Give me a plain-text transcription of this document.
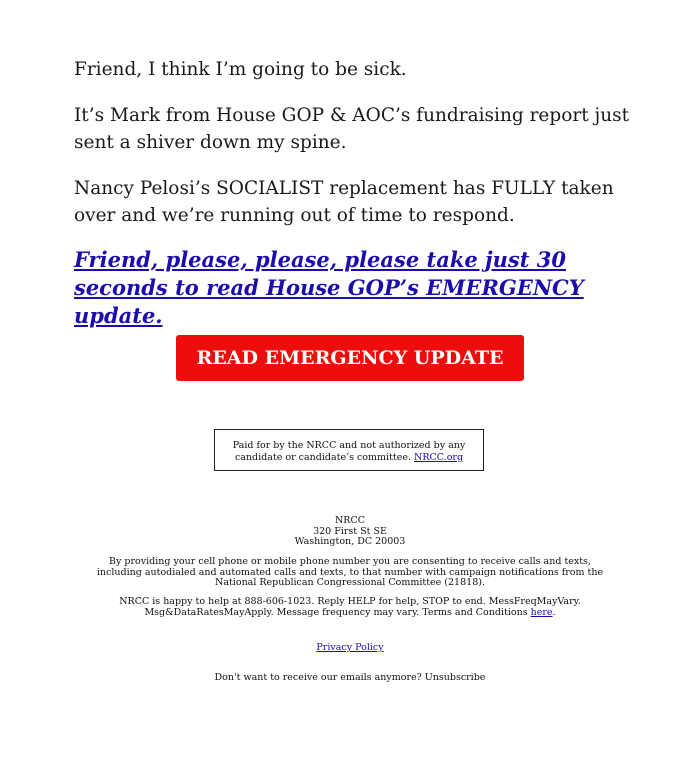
Friend, I think I’m going to be sick.

It’s Mark from House GOP & AOC’s fundraising report just sent a shiver down my spine.

Nancy Pelosi’s SOCIALIST replacement has FULLY taken over and we’re running out of time to respond.

Friend, please, please, please take just 30 seconds to read House GOP’s EMERGENCY update.

READ EMERGENCY UPDATE
Paid for by the NRCC and not authorized by any candidate or candidate’s committee. NRCC.org
NRCC
320 First St SE
Washington, DC 20003
By providing your cell phone or mobile phone number you are consenting to receive calls and texts, including autodialed and automated calls and texts, to that number with campaign notifications from the National Republican Congressional Committee (21818).
NRCC is happy to help at 888-606-1023. Reply HELP for help, STOP to end. MessFreqMayVary. Msg&DataRatesMayApply. Message frequency may vary. Terms and Conditions here.
Privacy Policy
Don't want to receive our emails anymore? Unsubscribe
